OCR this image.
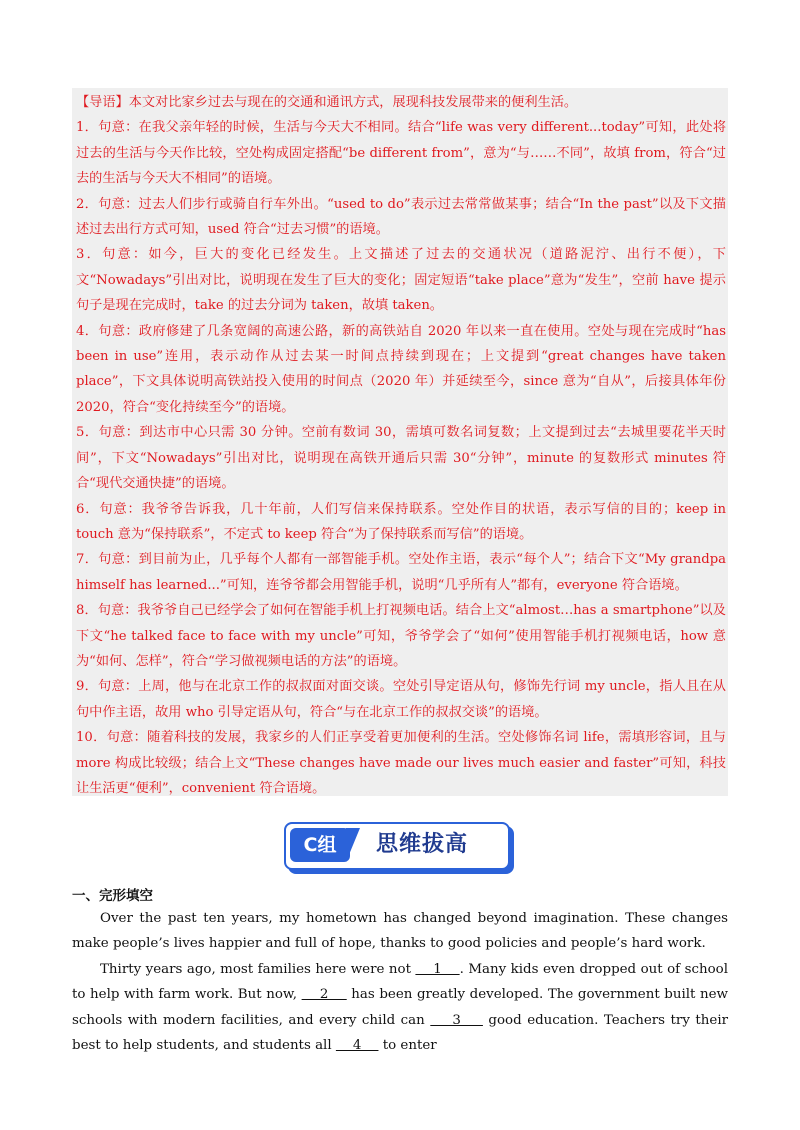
【导语】本文对比家乡过去与现在的交通和通讯方式，展现科技发展带来的便利生活。

1．句意：在我父亲年轻的时候，生活与今天大不相同。结合“life was very different...today”可知，此处将过去的生活与今天作比较，空处构成固定搭配“be different from”，意为“与……不同”，故填 from，符合“过去的生活与今天大不相同”的语境。

2．句意：过去人们步行或骑自行车外出。“used to do”表示过去常常做某事；结合“In the past”以及下文描述过去出行方式可知，used 符合“过去习惯”的语境。

3．句意：如今，巨大的变化已经发生。上文描述了过去的交通状况（道路泥泞、出行不便），下文“Nowadays”引出对比，说明现在发生了巨大的变化；固定短语“take place”意为“发生”，空前 have 提示句子是现在完成时，take 的过去分词为 taken，故填 taken。

4．句意：政府修建了几条宽阔的高速公路，新的高铁站自 2020 年以来一直在使用。空处与现在完成时“has been in use”连用，表示动作从过去某一时间点持续到现在；上文提到“great changes have taken place”，下文具体说明高铁站投入使用的时间点（2020 年）并延续至今，since 意为“自从”，后接具体年份 2020，符合“变化持续至今”的语境。

5．句意：到达市中心只需 30 分钟。空前有数词 30，需填可数名词复数；上文提到过去“去城里要花半天时间”，下文“Nowadays”引出对比，说明现在高铁开通后只需 30“分钟”，minute 的复数形式 minutes 符合“现代交通快捷”的语境。

6．句意：我爷爷告诉我，几十年前，人们写信来保持联系。空处作目的状语，表示写信的目的；keep in touch 意为“保持联系”，不定式 to keep 符合“为了保持联系而写信”的语境。

7．句意：到目前为止，几乎每个人都有一部智能手机。空处作主语，表示“每个人”；结合下文“My grandpa himself has learned...”可知，连爷爷都会用智能手机，说明“几乎所有人”都有，everyone 符合语境。

8．句意：我爷爷自己已经学会了如何在智能手机上打视频电话。结合上文“almost…has a smartphone”以及下文“he talked face to face with my uncle”可知，爷爷学会了“如何”使用智能手机打视频电话，how 意为“如何、怎样”，符合“学习做视频电话的方法”的语境。

9．句意：上周，他与在北京工作的叔叔面对面交谈。空处引导定语从句，修饰先行词 my uncle，指人且在从句中作主语，故用 who 引导定语从句，符合“与在北京工作的叔叔交谈”的语境。

10．句意：随着科技的发展，我家乡的人们正享受着更加便利的生活。空处修饰名词 life，需填形容词，且与 more 构成比较级；结合上文“These changes have made our lives much easier and faster”可知，科技让生活更“便利”，convenient 符合语境。

C组	思维拔高
一、完形填空

Over the past ten years, my hometown has changed beyond imagination. These changes make people’s lives happier and full of hope, thanks to good policies and people’s hard work.

Thirty years ago, most families here were not     1    . Many kids even dropped out of school to help with farm work. But now,     2     has been greatly developed. The government built new schools with modern facilities, and every child can     3     good education. Teachers try their best to help students, and students all     4     to enter
